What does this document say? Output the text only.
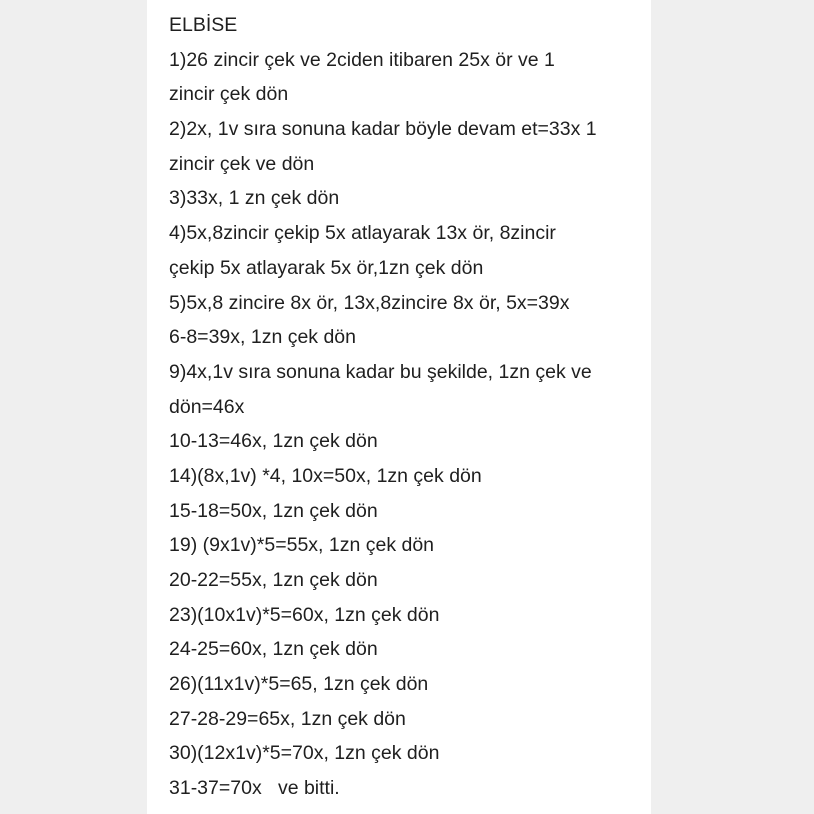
ELBİSE
1)26 zincir çek ve 2ciden itibaren 25x ör ve 1
zincir çek dön
2)2x, 1v sıra sonuna kadar böyle devam et=33x 1
zincir çek ve dön
3)33x, 1 zn çek dön
4)5x,8zincir çekip 5x atlayarak 13x ör, 8zincir
çekip 5x atlayarak 5x ör,1zn çek dön
5)5x,8 zincire 8x ör, 13x,8zincire 8x ör, 5x=39x
6-8=39x, 1zn çek dön
9)4x,1v sıra sonuna kadar bu şekilde, 1zn çek ve
dön=46x
10-13=46x, 1zn çek dön
14)(8x,1v) *4, 10x=50x, 1zn çek dön
15-18=50x, 1zn çek dön
19) (9x1v)*5=55x, 1zn çek dön
20-22=55x, 1zn çek dön
23)(10x1v)*5=60x, 1zn çek dön
24-25=60x, 1zn çek dön
26)(11x1v)*5=65, 1zn çek dön
27-28-29=65x, 1zn çek dön
30)(12x1v)*5=70x, 1zn çek dön
31-37=70x   ve bitti.
